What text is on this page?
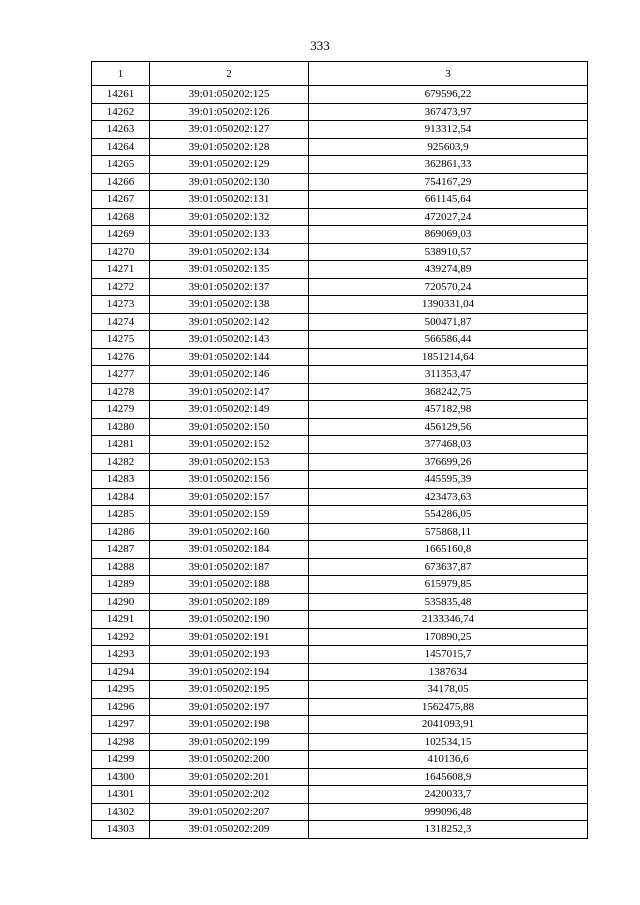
333
1	2	3
14261	39:01:050202:125	679596,22
14262	39:01:050202:126	367473,97
14263	39:01:050202:127	913312,54
14264	39:01:050202:128	925603,9
14265	39:01:050202:129	362861,33
14266	39:01:050202:130	754167,29
14267	39:01:050202:131	661145,64
14268	39:01:050202:132	472027,24
14269	39:01:050202:133	869069,03
14270	39:01:050202:134	538910,57
14271	39:01:050202:135	439274,89
14272	39:01:050202:137	720570,24
14273	39:01:050202:138	1390331,04
14274	39:01:050202:142	500471,87
14275	39:01:050202:143	566586,44
14276	39:01:050202:144	1851214,64
14277	39:01:050202:146	311353,47
14278	39:01:050202:147	368242,75
14279	39:01:050202:149	457182,98
14280	39:01:050202:150	456129,56
14281	39:01:050202:152	377468,03
14282	39:01:050202:153	376699,26
14283	39:01:050202:156	445595,39
14284	39:01:050202:157	423473,63
14285	39:01:050202:159	554286,05
14286	39:01:050202:160	575868,11
14287	39:01:050202:184	1665160,8
14288	39:01:050202:187	673637,87
14289	39:01:050202:188	615979,85
14290	39:01:050202:189	535835,48
14291	39:01:050202:190	2133346,74
14292	39:01:050202:191	170890,25
14293	39:01:050202:193	1457015,7
14294	39:01:050202:194	1387634
14295	39:01:050202:195	34178,05
14296	39:01:050202:197	1562475,88
14297	39:01:050202:198	2041093,91
14298	39:01:050202:199	102534,15
14299	39:01:050202:200	410136,6
14300	39:01:050202:201	1645608,9
14301	39:01:050202:202	2420033,7
14302	39:01:050202:207	999096,48
14303	39:01:050202:209	1318252,3
